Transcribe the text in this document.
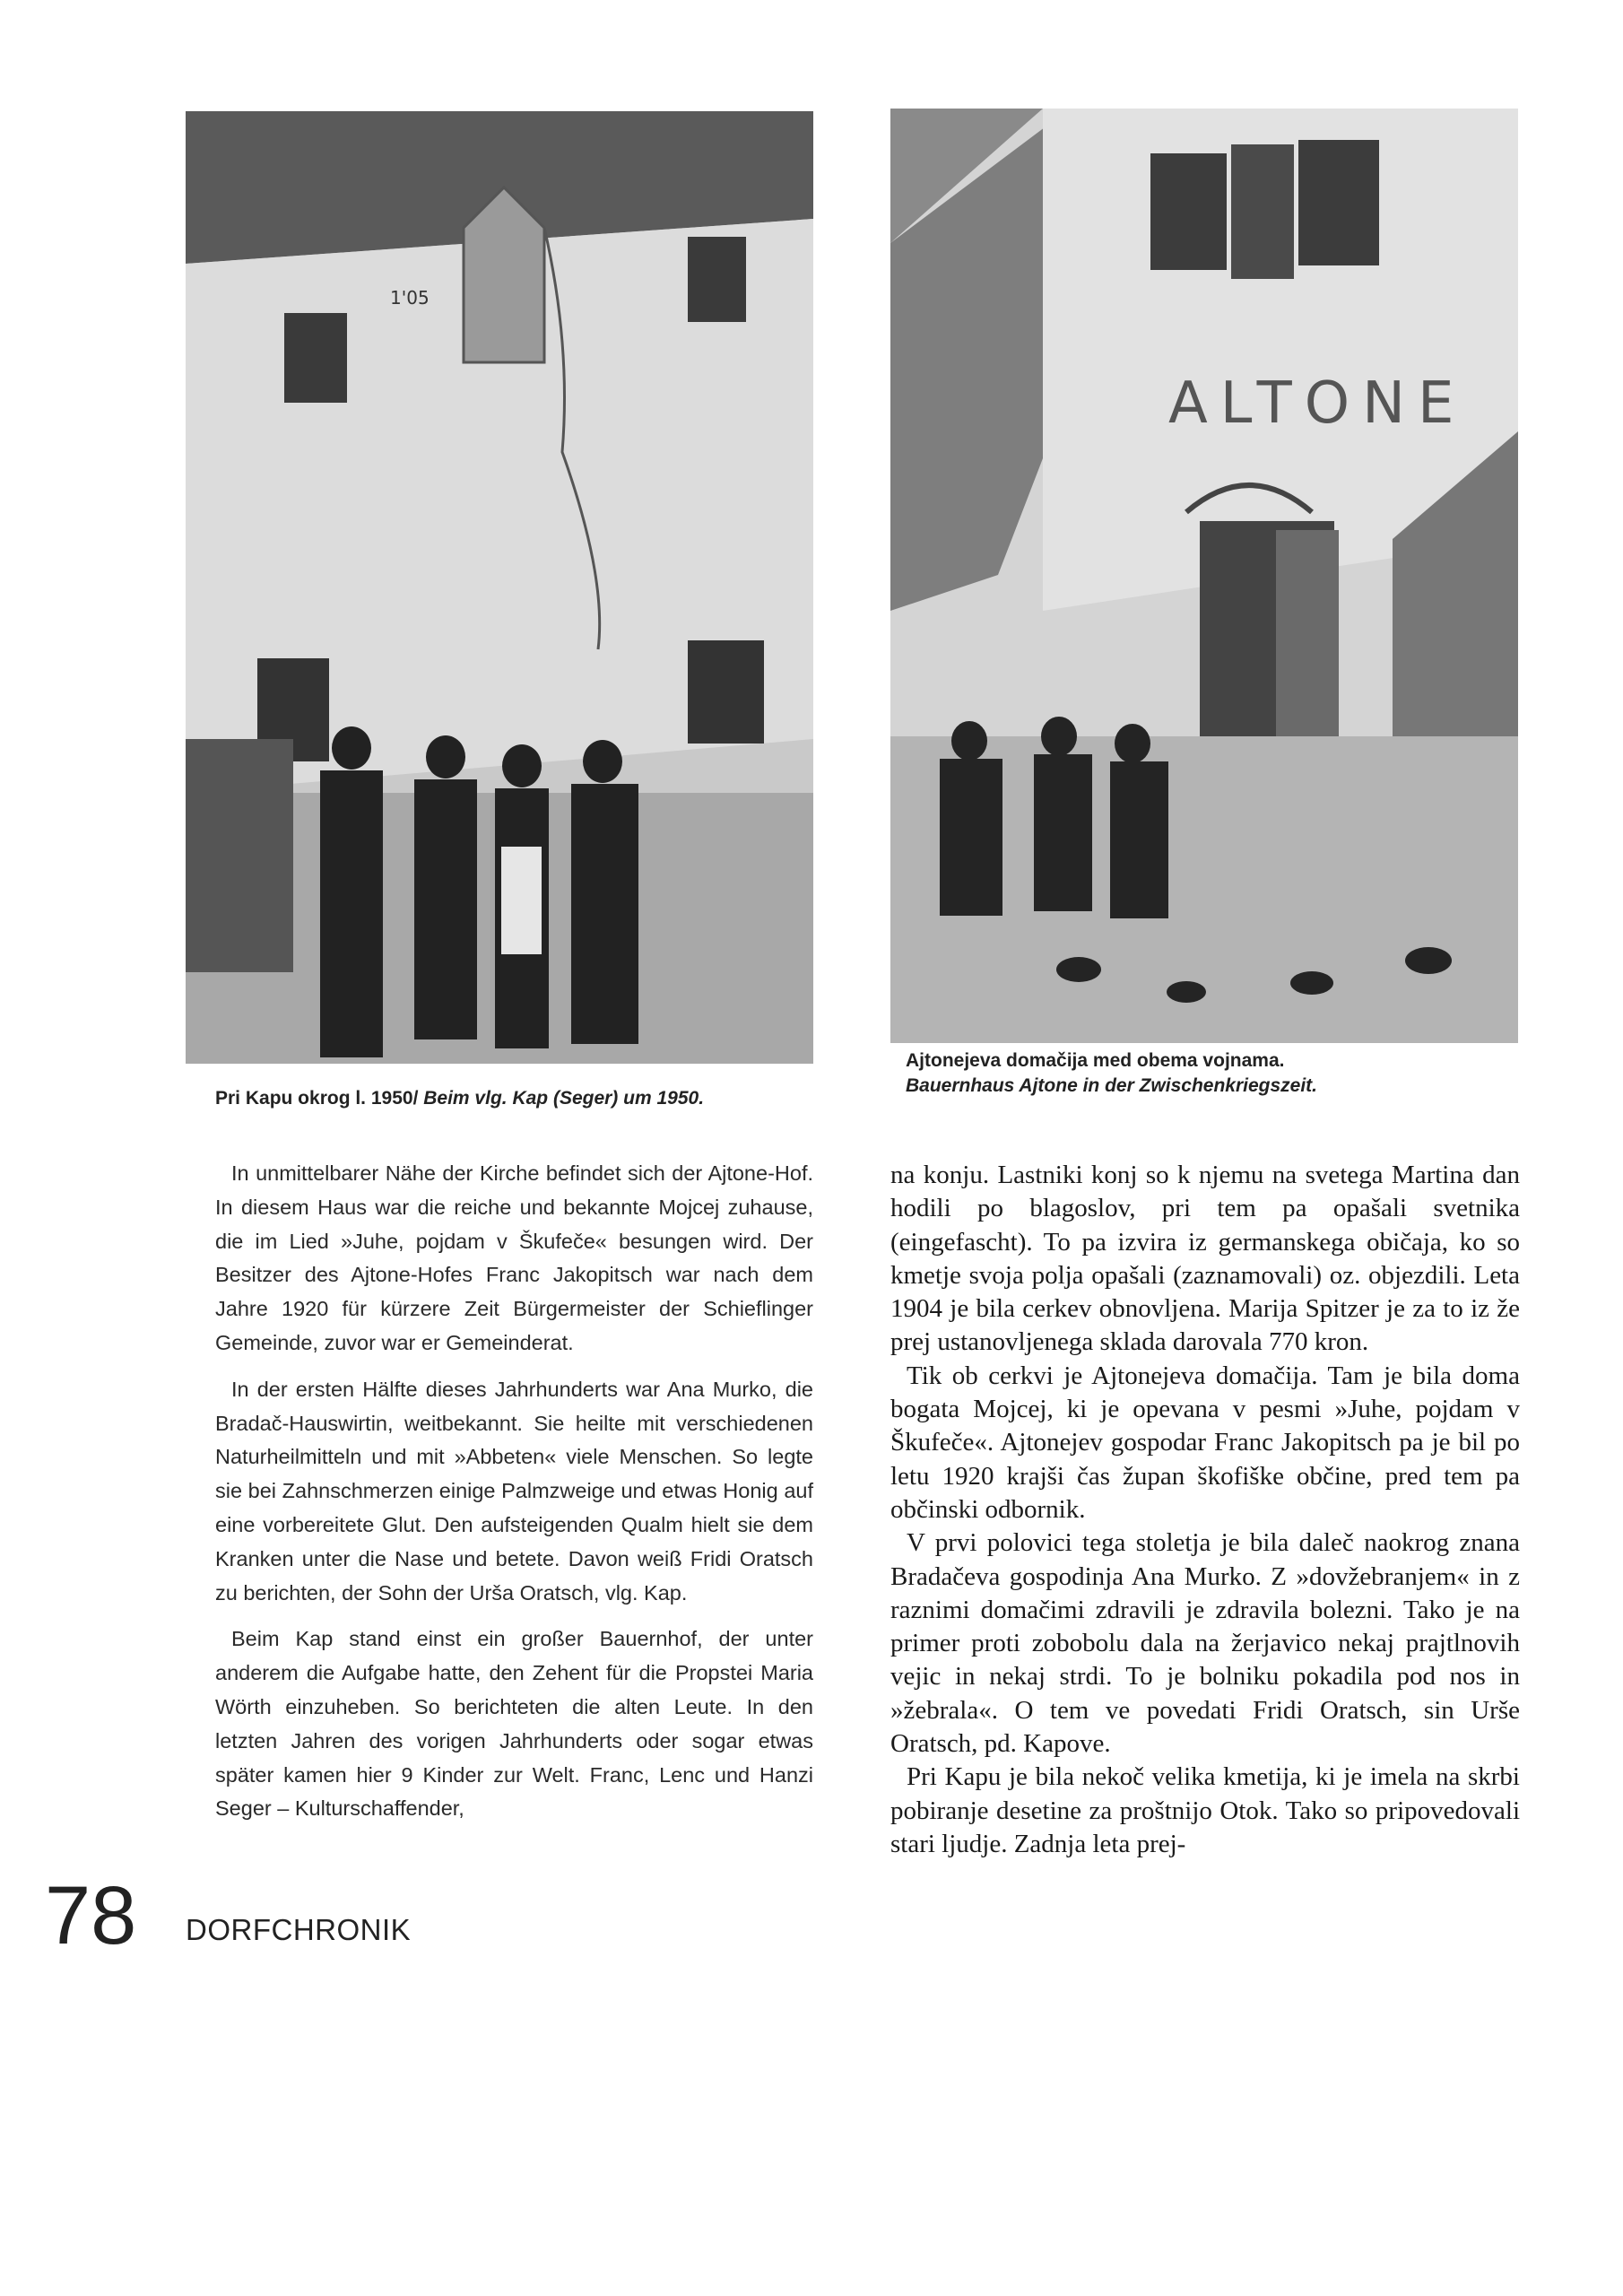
1'05
ALTONE
Pri Kapu okrog l. 1950/ Beim vlg. Kap (Seger) um 1950.
Ajtonejeva domačija med obema vojnama.
Bauernhaus Ajtone in der Zwischenkriegszeit.

In unmittelbarer Nähe der Kirche befindet sich der Ajtone-Hof. In diesem Haus war die reiche und bekannte Mojcej zuhause, die im Lied »Juhe, pojdam v Škufeče« besungen wird. Der Besitzer des Ajtone-Hofes Franc Jakopitsch war nach dem Jahre 1920 für kürzere Zeit Bürgermeister der Schieflinger Gemeinde, zuvor war er Gemeinderat.

In der ersten Hälfte dieses Jahrhunderts war Ana Murko, die Bradač-Hauswirtin, weitbekannt. Sie heilte mit verschiedenen Naturheilmitteln und mit »Abbeten« viele Menschen. So legte sie bei Zahnschmerzen einige Palmzweige und etwas Honig auf eine vorbereitete Glut. Den aufsteigenden Qualm hielt sie dem Kranken unter die Nase und betete. Davon weiß Fridi Oratsch zu berichten, der Sohn der Urša Oratsch, vlg. Kap.

Beim Kap stand einst ein großer Bauernhof, der unter anderem die Aufgabe hatte, den Zehent für die Propstei Maria Wörth einzuheben. So berichteten die alten Leute. In den letzten Jahren des vorigen Jahrhunderts oder sogar etwas später kamen hier 9 Kinder zur Welt. Franc, Lenc und Hanzi Seger – Kulturschaffender,

na konju. Lastniki konj so k njemu na svetega Martina dan hodili po blagoslov, pri tem pa opašali svetnika (eingefascht). To pa izvira iz germanskega običaja, ko so kmetje svoja polja opašali (zaznamovali) oz. objezdili. Leta 1904 je bila cerkev obnovljena. Marija Spitzer je za to iz že prej ustanovljenega sklada darovala 770 kron.

Tik ob cerkvi je Ajtonejeva domačija. Tam je bila doma bogata Mojcej, ki je opevana v pesmi »Juhe, pojdam v Škufeče«. Ajtonejev gospodar Franc Jakopitsch pa je bil po letu 1920 krajši čas župan škofiške občine, pred tem pa občinski odbornik.

V prvi polovici tega stoletja je bila daleč naokrog znana Bradačeva gospodinja Ana Murko. Z »dovžebranjem« in z raznimi domačimi zdravili je zdravila bolezni. Tako je na primer proti zobobolu dala na žerjavico nekaj prajtlnovih vejic in nekaj strdi. To je bolniku pokadila pod nos in »žebrala«. O tem ve povedati Fridi Oratsch, sin Urše Oratsch, pd. Kapove.

Pri Kapu je bila nekoč velika kmetija, ki je imela na skrbi pobiranje desetine za proštnijo Otok. Tako so pripovedovali stari ljudje. Zadnja leta prej-

78 DORFCHRONIK
